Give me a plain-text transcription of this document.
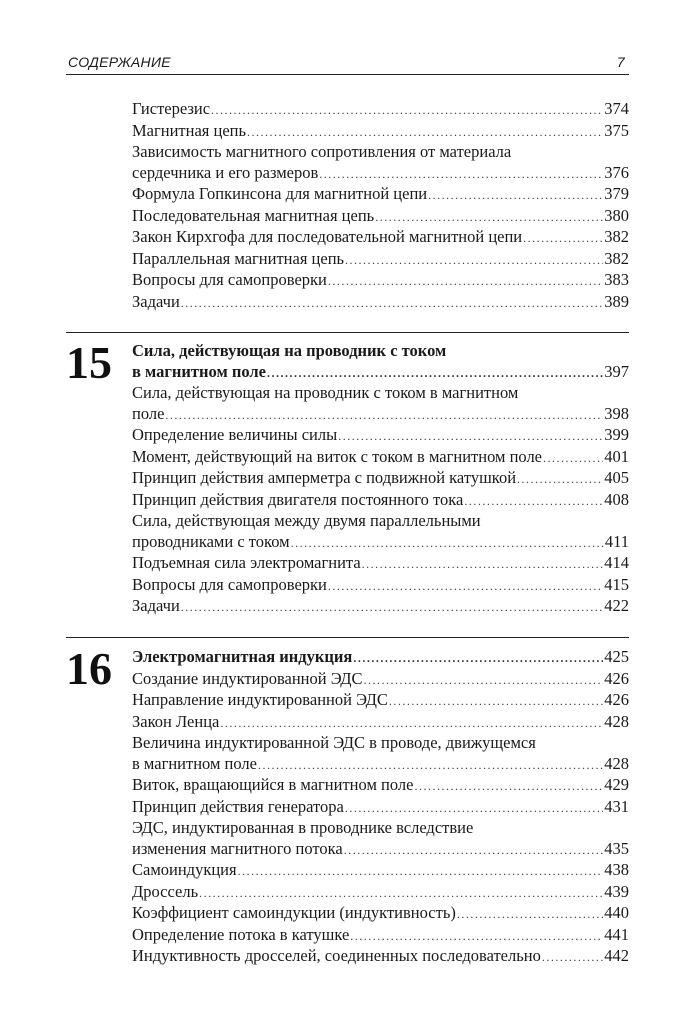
СОДЕРЖАНИЕ	7
Гистерезис .....	374
Магнитная цепь .....	375
Зависимость магнитного сопротивления от материала
сердечника и его размеров .....	376
Формула Гопкинсона для магнитной цепи .....	379
Последовательная магнитная цепь .....	380
Закон Кирхгофа для последовательной магнитной цепи .....	382
Параллельная магнитная цепь .....	382
Вопросы для самопроверки .....	383
Задачи .....	389
15	Сила, действующая на проводник с током
в магнитном поле .....	397
Сила, действующая на проводник с током в магнитном
поле .....	398
Определение величины силы .....	399
Момент, действующий на виток с током в магнитном поле .....	401
Принцип действия амперметра с подвижной катушкой .....	405
Принцип действия двигателя постоянного тока .....	408
Сила, действующая между двумя параллельными
проводниками с током .....	411
Подъемная сила электромагнита .....	414
Вопросы для самопроверки .....	415
Задачи .....	422
16	Электромагнитная индукция .....	425
Создание индуктированной ЭДС .....	426
Направление индуктированной ЭДС .....	426
Закон Ленца .....	428
Величина индуктированной ЭДС в проводе, движущемся
в магнитном поле .....	428
Виток, вращающийся в магнитном поле .....	429
Принцип действия генератора .....	431
ЭДС, индуктированная в проводнике вследствие
изменения магнитного потока .....	435
Самоиндукция .....	438
Дроссель .....	439
Коэффициент самоиндукции (индуктивность) .....	440
Определение потока в катушке .....	441
Индуктивность дросселей, соединенных последовательно .....	442
